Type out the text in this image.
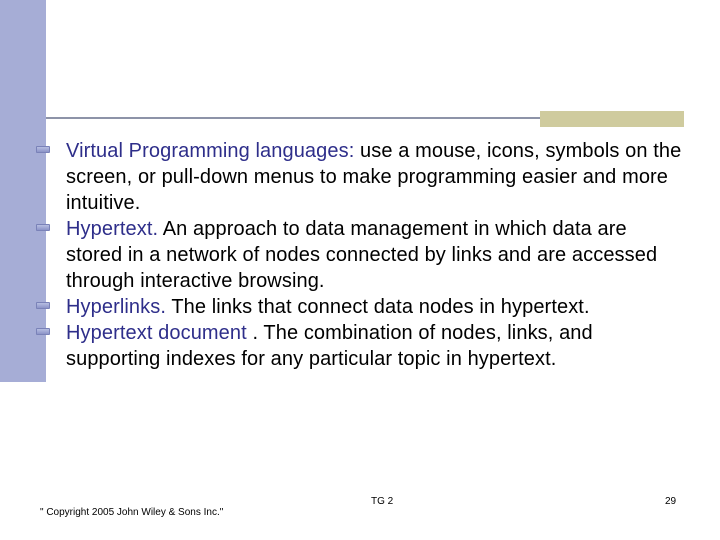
Virtual Programming languages: use a mouse, icons, symbols on the screen, or pull-down menus to make programming easier and more intuitive.
Hypertext. An approach to data management in which data are stored in a network of nodes connected by links and are accessed through interactive browsing.
Hyperlinks. The links that connect data nodes in hypertext.
Hypertext document . The combination of nodes, links, and supporting indexes for any particular topic in hypertext.
" Copyright 2005 John Wiley & Sons Inc."
TG 2	29
